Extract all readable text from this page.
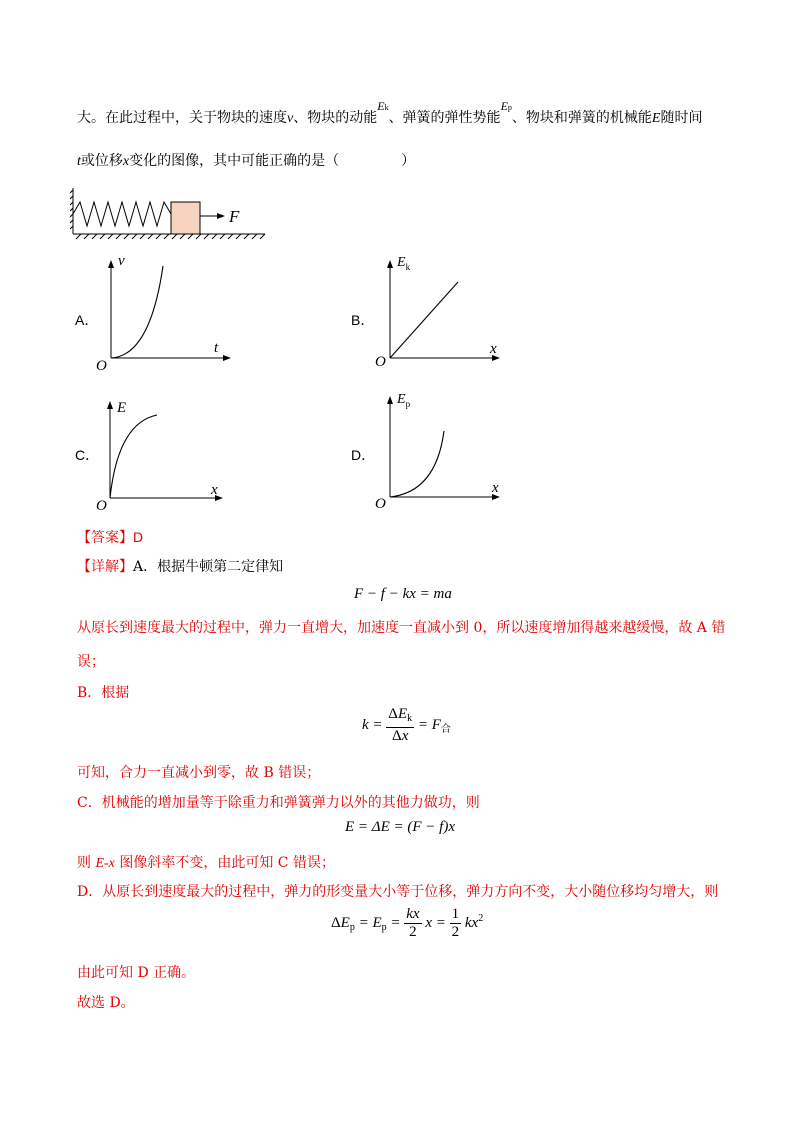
大。在此过程中，关于物块的速度v、物块的动能Ek、弹簧的弹性势能Ep、物块和弹簧的机械能E随时间
t或位移x变化的图像，其中可能正确的是（	）
F
A．
v
t
O
B．
$E_k$
x
O
C．
E
x
O
D．
$E_p$
x
O
【答案】D
【详解】A．根据牛顿第二定律知
F − f − kx = ma
从原长到速度最大的过程中，弹力一直增大，加速度一直减小到 0，所以速度增加得越来越缓慢，故 A 错
误；
B．根据
$k = \frac{\Delta E_k}{\Delta x} = F_合$
可知，合力一直减小到零，故 B 错误；
C．机械能的增加量等于除重力和弹簧弹力以外的其他力做功，则
E = ΔE = (F − f)x
则 E-x 图像斜率不变，由此可知 C 错误；
D．从原长到速度最大的过程中，弹力的形变量大小等于位移，弹力方向不变，大小随位移均匀增大，则
$\Delta E_p = E_p = \frac{kx}{2}$ $x = \frac{1}{2} kx^2$
由此可知 D 正确。
故选 D。
